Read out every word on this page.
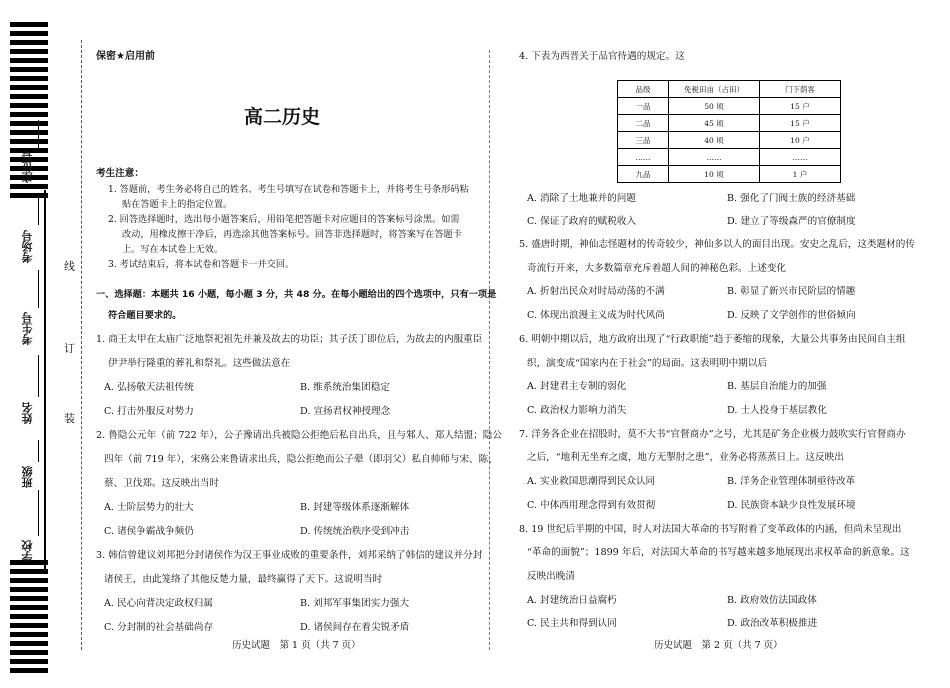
座位号
考场号
考生号
姓名
班级
学校
线
订
装
保密★启用前
高二历史
考生注意：
1. 答题前，考生务必将自己的姓名、考生号填写在试卷和答题卡上，并将考生号条形码粘
贴在答题卡上的指定位置。
2. 回答选择题时，选出每小题答案后，用铅笔把答题卡对应题目的答案标号涂黑。如需
改动，用橡皮擦干净后，再选涂其他答案标号。回答非选择题时，将答案写在答题卡
上。写在本试卷上无效。
3. 考试结束后，将本试卷和答题卡一并交回。
一、选择题：本题共 16 小题，每小题 3 分，共 48 分。在每小题给出的四个选项中，只有一项是
符合题目要求的。
1. 商王太甲在太庙广泛地祭祀祖先并兼及故去的功臣；其子沃丁即位后，为故去的内服重臣
伊尹举行隆重的葬礼和祭礼。这些做法意在
A. 弘扬敬天法祖传统	B. 维系统治集团稳定
C. 打击外服反对势力	D. 宣扬君权神授理念
2. 鲁隐公元年（前 722 年），公子豫请出兵被隐公拒绝后私自出兵，且与邾人、郑人结盟；隐公
四年（前 719 年），宋殇公来鲁请求出兵，隐公拒绝而公子翚（即羽父）私自帅师与宋、陈、
蔡、卫伐郑。这反映出当时
A. 士阶层势力的壮大	B. 封建等级体系逐渐解体
C. 诸侯争霸战争频仍	D. 传统统治秩序受到冲击
3. 韩信曾建议刘邦把分封诸侯作为汉王事业成败的重要条件，刘邦采纳了韩信的建议并分封
诸侯王，由此笼络了其他反楚力量，最终赢得了天下。这说明当时
A. 民心向背决定政权归属	B. 刘邦军事集团实力强大
C. 分封制的社会基础尚存	D. 诸侯间存在着尖锐矛盾
历史试题　第 1 页（共 7 页）
4. 下表为西晋关于品官待遇的规定。这
品级	免税田亩（占田）	门下荫客
一品	50 顷	15 户
二品	45 顷	15 户
三品	40 顷	10 户
……	……	……
九品	10 顷	1 户
A. 消除了土地兼并的问题	B. 强化了门阀士族的经济基础
C. 保证了政府的赋税收入	D. 建立了等级森严的官僚制度
5. 盛唐时期，神仙志怪题材的传奇较少，神仙多以人的面目出现。安史之乱后，这类题材的传
奇流行开来，大多数篇章充斥着超人间的神秘色彩。上述变化
A. 折射出民众对时局动荡的不满	B. 彰显了新兴市民阶层的情趣
C. 体现出浪漫主义成为时代风尚	D. 反映了文学创作的世俗倾向
6. 明朝中期以后，地方政府出现了“行政职能”趋于萎缩的现象，大量公共事务由民间自主组
织，演变成“国家内在于社会”的局面。这表明明中期以后
A. 封建君主专制的弱化	B. 基层自治能力的加强
C. 政治权力影响力消失	D. 士人投身于基层教化
7. 洋务各企业在招股时，莫不大书“官督商办”之号，尤其是矿务企业极力鼓吹实行官督商办
之后，“地利无坐弃之虞，地方无掣肘之患”，业务必将蒸蒸日上。这反映出
A. 实业救国思潮得到民众认同	B. 洋务企业管理体制亟待改革
C. 中体西用理念得到有效贯彻	D. 民族资本缺少良性发展环境
8. 19 世纪后半期的中国，时人对法国大革命的书写附着了变革政体的内涵，但尚未呈现出
“革命的面貌”；1899 年后，对法国大革命的书写越来越多地展现出求权革命的新意象。这
反映出晚清
A. 封建统治日益腐朽	B. 政府效仿法国政体
C. 民主共和得到认同	D. 政治改革积极推进
历史试题　第 2 页（共 7 页）
